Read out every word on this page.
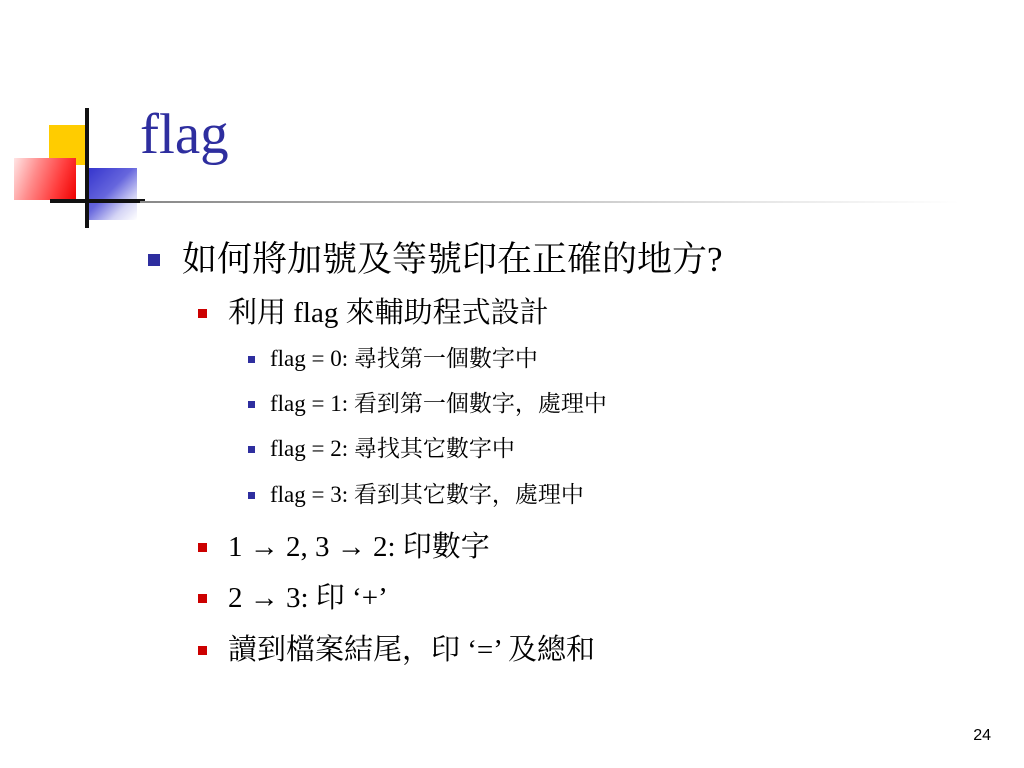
flag
如何將加號及等號印在正確的地方?
利用 flag 來輔助程式設計
flag = 0: 尋找第一個數字中
flag = 1: 看到第一個數字，處理中
flag = 2: 尋找其它數字中
flag = 3: 看到其它數字，處理中
1 → 2, 3 → 2: 印數字
2 → 3: 印 ‘+’
讀到檔案結尾，印 ‘=’ 及總和
24
